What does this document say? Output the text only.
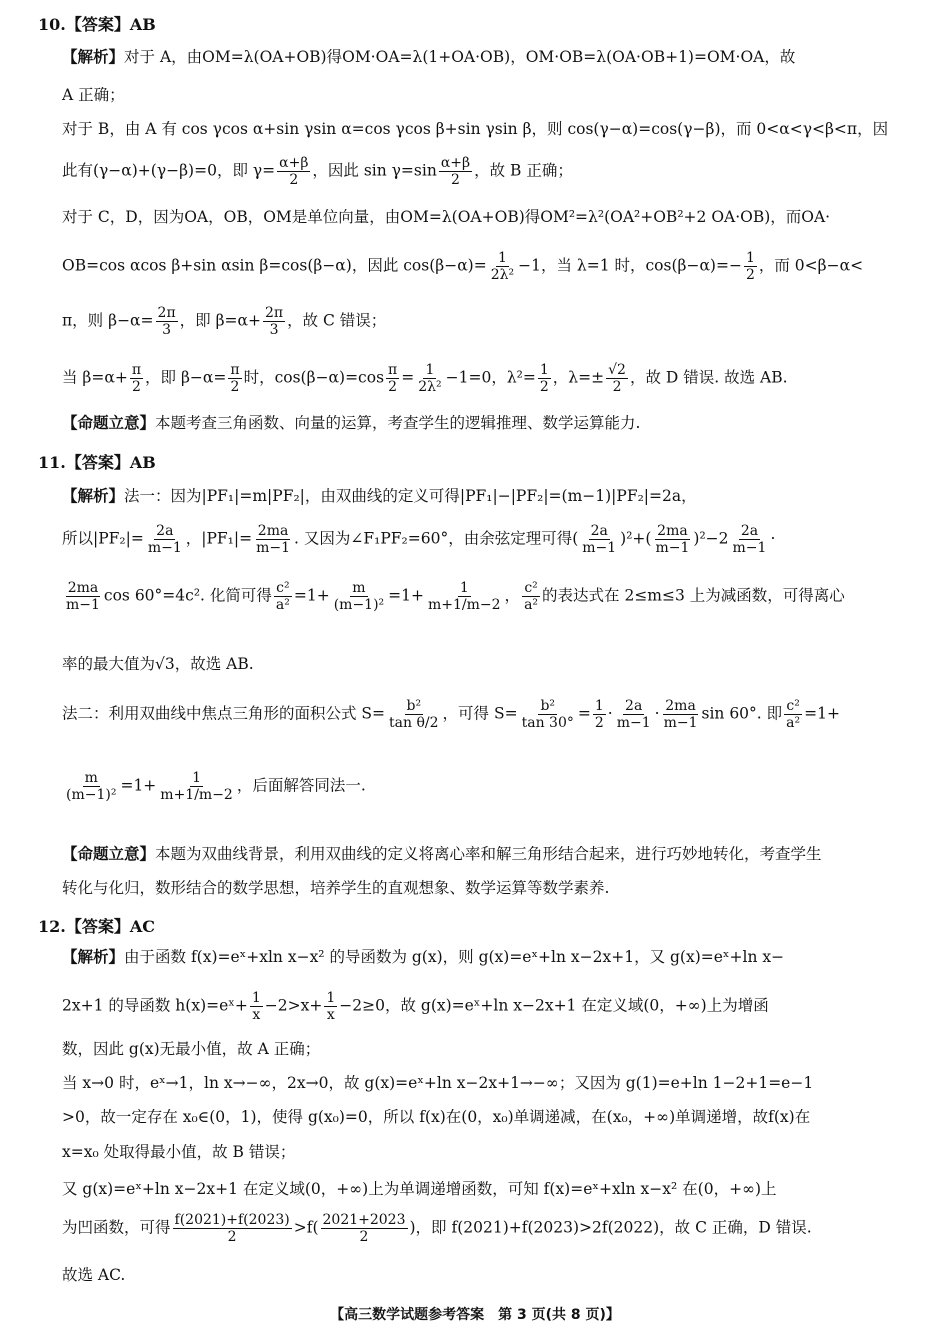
10.【答案】AB
【解析】对于 A，由OM=λ(OA+OB)得OM·OA=λ(1+OA·OB)，OM·OB=λ(OA·OB+1)=OM·OA，故
A 正确；
对于 B，由 A 有 cos γcos α+sin γsin α=cos γcos β+sin γsin β，则 cos(γ−α)=cos(γ−β)，而 0<α<γ<β<π，因
此有(γ−α)+(γ−β)=0，即 $\gamma= \frac{\alpha+\beta}{2}$ ，因此 $\sin \gamma=\sin \frac{\alpha+\beta}{2}$ ，故 B 正确；
对于 C，D，因为OA，OB，OM是单位向量，由OM=λ(OA+OB)得OM²=λ²(OA²+OB²+2 OA·OB)，而OA·
OB=cos αcos β+sin αsin β=cos(β−α)，因此 $\cos(\beta-\alpha)= \frac{1}{\text{2λ²}} -1$，当 λ=1 时，$\cos(\beta-\alpha)=- \frac{1}{2}$ ，而 0<β−α<
π，则 $\beta-\alpha= \frac{2\pi}{3}$ ，即 $\beta=\alpha+ \frac{2\pi}{3}$ ，故 C 错误；
当 $\beta=\alpha+ \frac{\pi}{2}$ ，即 $\beta-\alpha= \frac{\pi}{2}$ 时，$\cos(\beta-\alpha)=\cos \frac{\pi}{2} = \frac{1}{\text{2λ²}} -1=0$，$\lambda^2= \frac{1}{2}$ ，$\lambda=\pm \frac{√2}{2}$ ，故 D 错误. 故选 AB.
【命题立意】本题考查三角函数、向量的运算，考查学生的逻辑推理、数学运算能力.
11.【答案】AB
【解析】法一：因为|PF₁|=m|PF₂|，由双曲线的定义可得|PF₁|−|PF₂|=(m−1)|PF₂|=2a，
所以$|PF_2|= \frac{2a}{m-1}$ ，$|PF_1|= \frac{2ma}{m-1}$ . 又因为∠F₁PF₂=60°，由余弦定理可得( $\frac{2a}{m-1} )^2+( \frac{2ma}{m-1} )^2-2 \frac{2a}{m-1}$ ·
$\frac{2ma}{m-1}$ cos 60°=4c². 化简可得 $\frac{\text{c²}}{\text{a²}} =1+ \frac{m}{\text{(m−1)²}} =1+ \frac{1}{m+1/m-2}$ ， $\frac{\text{c²}}{\text{a²}}$ 的表达式在 2≤m≤3 上为减函数，可得离心
率的最大值为√3，故选 AB.
法二：利用双曲线中焦点三角形的面积公式 $S= \frac{\text{b²}}{\text{tan θ/2}}$ ，可得 $S= \frac{\text{b²}}{\tan 30^\circ} = \frac{1}{2} \cdot \frac{2a}{m-1} \cdot \frac{2ma}{m-1}$ sin 60°. 即 $\frac{\text{c²}}{\text{a²}} =1+$
$\frac{m}{\text{(m−1)²}} =1+ \frac{1}{m+1/m-2}$ ，后面解答同法一.
【命题立意】本题为双曲线背景，利用双曲线的定义将离心率和解三角形结合起来，进行巧妙地转化，考查学生
转化与化归，数形结合的数学思想，培养学生的直观想象、数学运算等数学素养.
12.【答案】AC
【解析】由于函数 f(x)=eˣ+xln x−x² 的导函数为 g(x)，则 g(x)=eˣ+ln x−2x+1，又 g(x)=eˣ+ln x−
2x+1 的导函数 h(x)=eˣ+ $\frac{1}{x} -2>x+ \frac{1}{x} -2\ge 0$，故 g(x)=eˣ+ln x−2x+1 在定义域(0，+∞)上为增函
数，因此 g(x)无最小值，故 A 正确；
当 x→0 时，eˣ→1，ln x→−∞，2x→0，故 g(x)=eˣ+ln x−2x+1→−∞；又因为 g(1)=e+ln 1−2+1=e−1
>0，故一定存在 x₀∈(0，1)，使得 g(x₀)=0，所以 f(x)在(0，x₀)单调递减，在(x₀，+∞)单调递增，故f(x)在
x=x₀ 处取得最小值，故 B 错误；
又 g(x)=eˣ+ln x−2x+1 在定义域(0，+∞)上为单调递增函数，可知 f(x)=eˣ+xln x−x² 在(0，+∞)上
为凹函数，可得 $\frac{f(2021)+f(2023)}{2} >f( \frac{2021+2023}{2}$ )，即 f(2021)+f(2023)>2f(2022)，故 C 正确，D 错误.
故选 AC.
【高三数学试题参考答案　第 3 页(共 8 页)】
